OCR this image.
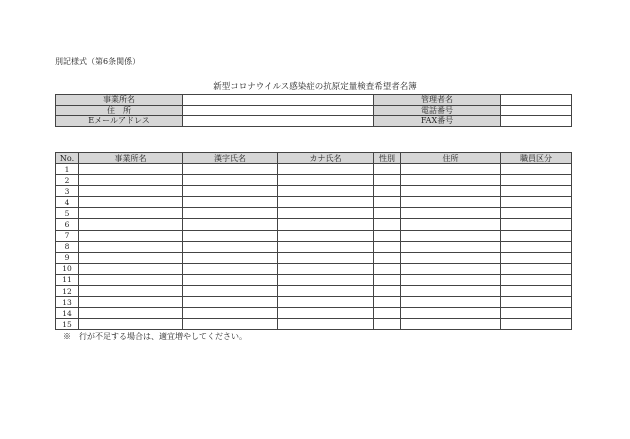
別記様式（第6条関係）
新型コロナウイルス感染症の抗原定量検査希望者名簿
事業所名		管理者名	
住　所		電話番号	
Eメールアドレス		FAX番号	
No.	事業所名	漢字氏名	カナ氏名	性別	住所	職員区分
1						
2						
3						
4						
5						
6						
7						
8						
9						
10						
11						
12						
13						
14						
15						
※　行が不足する場合は、適宜増やしてください。
